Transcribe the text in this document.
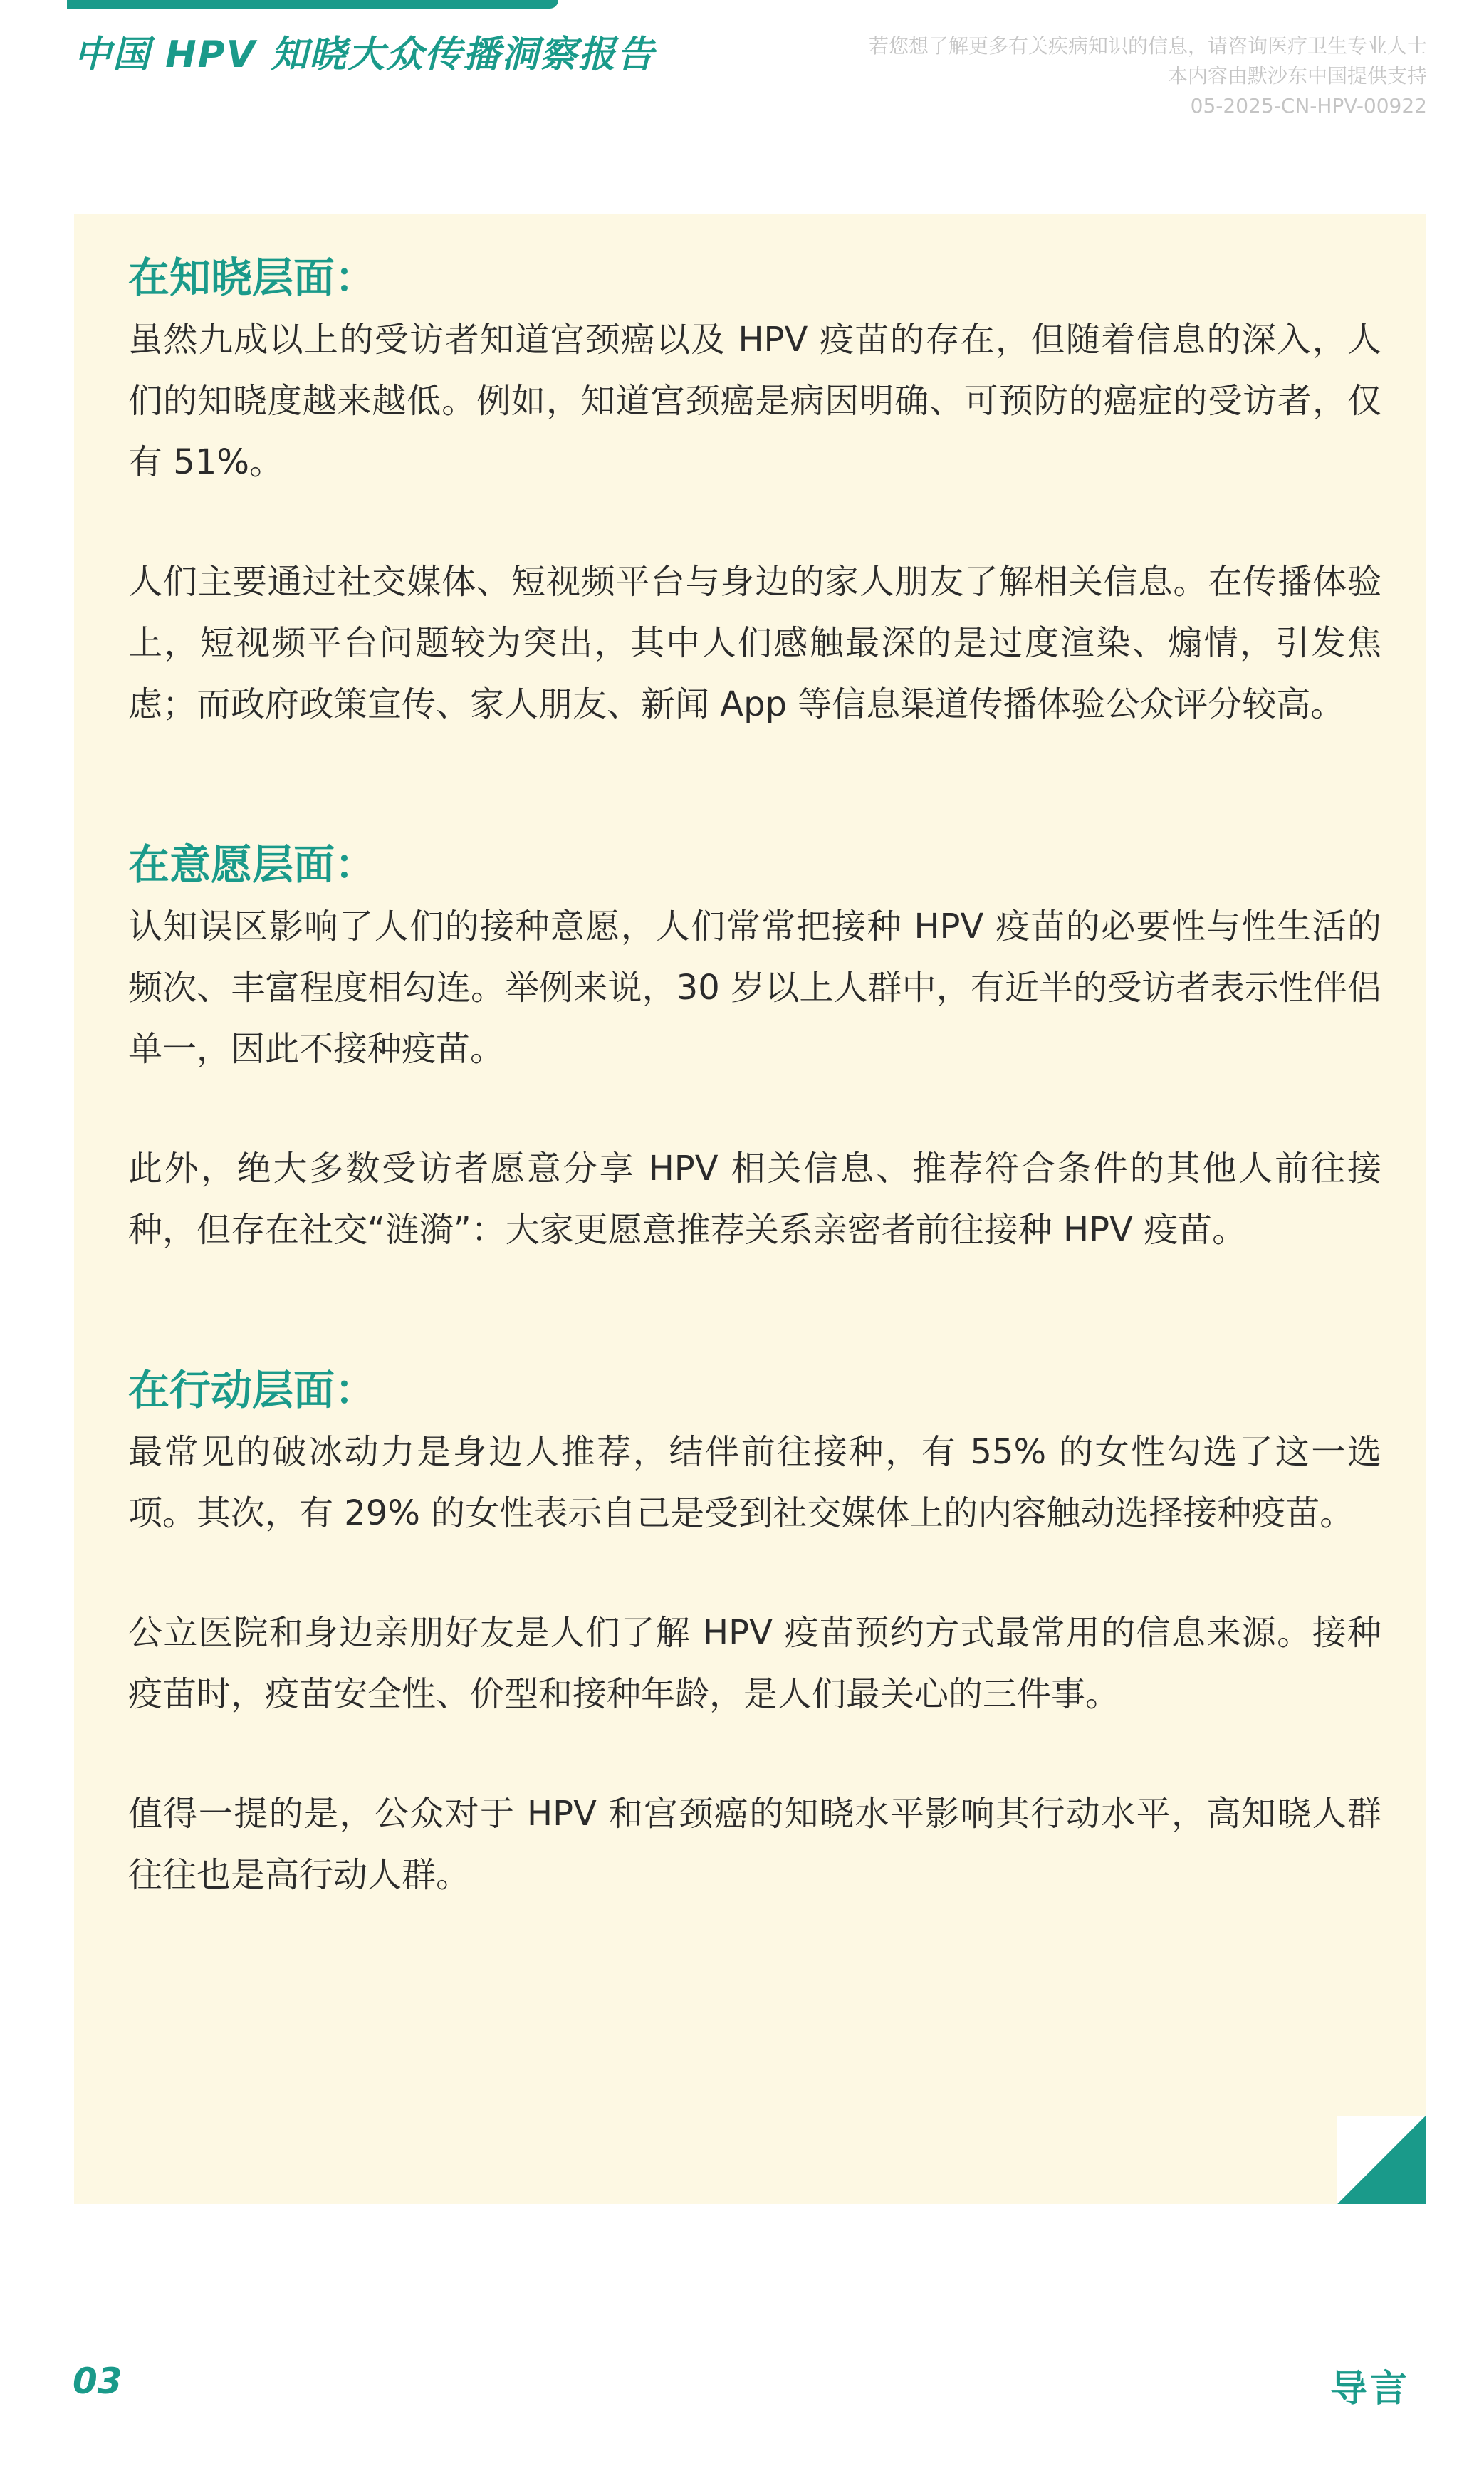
中国 HPV 知晓大众传播洞察报告	若您想了解更多有关疾病知识的信息，请咨询医疗卫生专业人士
本内容由默沙东中国提供支持
05-2025-CN-HPV-00922
在知晓层面：

虽然九成以上的受访者知道宫颈癌以及 HPV 疫苗的存在，但随着信息的深入，人们的知晓度越来越低。例如，知道宫颈癌是病因明确、可预防的癌症的受访者，仅有 51%。

人们主要通过社交媒体、短视频平台与身边的家人朋友了解相关信息。在传播体验上，短视频平台问题较为突出，其中人们感触最深的是过度渲染、煽情，引发焦虑；而政府政策宣传、家人朋友、新闻 App 等信息渠道传播体验公众评分较高。

在意愿层面：

认知误区影响了人们的接种意愿，人们常常把接种 HPV 疫苗的必要性与性生活的频次、丰富程度相勾连。举例来说，30 岁以上人群中，有近半的受访者表示性伴侣单一，因此不接种疫苗。

此外，绝大多数受访者愿意分享 HPV 相关信息、推荐符合条件的其他人前往接种，但存在社交“涟漪”：大家更愿意推荐关系亲密者前往接种 HPV 疫苗。

在行动层面：

最常见的破冰动力是身边人推荐，结伴前往接种，有 55% 的女性勾选了这一选项。其次，有 29% 的女性表示自己是受到社交媒体上的内容触动选择接种疫苗。

公立医院和身边亲朋好友是人们了解 HPV 疫苗预约方式最常用的信息来源。接种疫苗时，疫苗安全性、价型和接种年龄，是人们最关心的三件事。

值得一提的是，公众对于 HPV 和宫颈癌的知晓水平影响其行动水平，高知晓人群往往也是高行动人群。

03	导言
